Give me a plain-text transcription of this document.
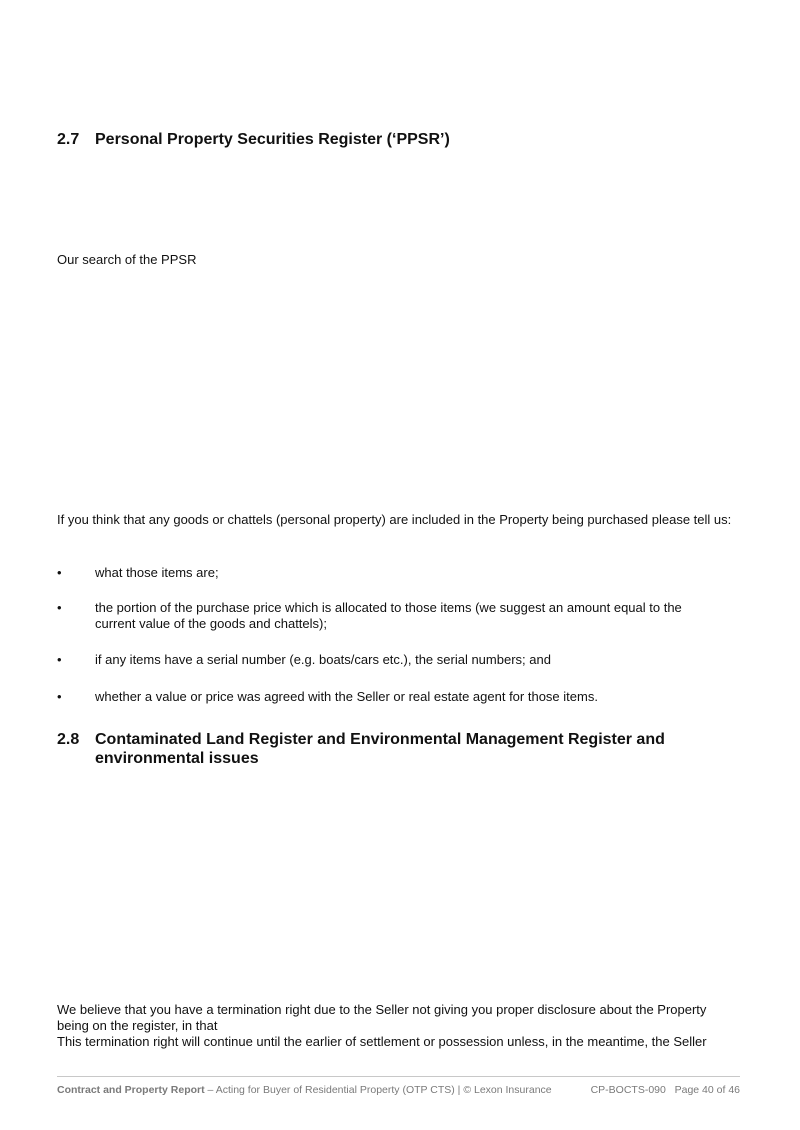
2.7 Personal Property Securities Register (‘PPSR’)
Our search of the PPSR
If you think that any goods or chattels (personal property) are included in the Property being purchased please tell us:
•	what those items are;
•	the portion of the purchase price which is allocated to those items (we suggest an amount equal to the current value of the goods and chattels);
•	if any items have a serial number (e.g. boats/cars etc.), the serial numbers; and
•	whether a value or price was agreed with the Seller or real estate agent for those items.
2.8 Contaminated Land Register and Environmental Management Register and environmental issues
We believe that you have a termination right due to the Seller not giving you proper disclosure about the Property being on the register, in that
This termination right will continue until the earlier of settlement or possession unless, in the meantime, the Seller
Contract and Property Report – Acting for Buyer of Residential Property (OTP CTS) | © Lexon Insurance	CP-BOCTS-090 Page 40 of 46
